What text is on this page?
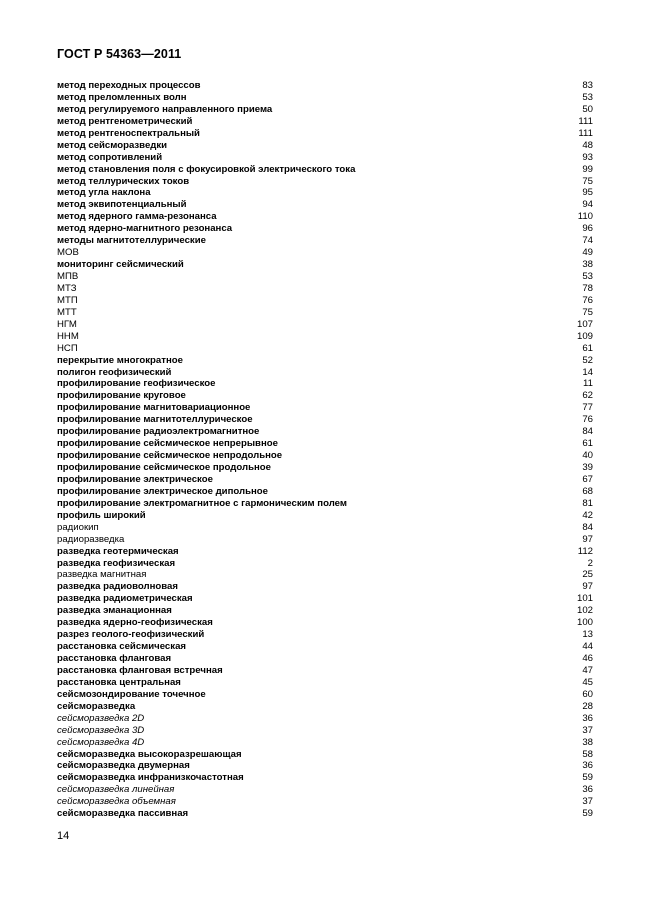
ГОСТ Р 54363—2011
метод переходных процессов	83
метод преломленных волн	53
метод регулируемого направленного приема	50
метод рентгенометрический	111
метод рентгеноспектральный	111
метод сейсморазведки	48
метод сопротивлений	93
метод становления поля с фокусировкой электрического тока	99
метод теллурических токов	75
метод угла наклона	95
метод эквипотенциальный	94
метод ядерного гамма-резонанса	110
метод ядерно-магнитного резонанса	96
методы магнитотеллурические	74
МОВ	49
мониторинг сейсмический	38
МПВ	53
МТЗ	78
МТП	76
МТТ	75
НГМ	107
ННМ	109
НСП	61
перекрытие многократное	52
полигон геофизический	14
профилирование геофизическое	11
профилирование круговое	62
профилирование магнитовариационное	77
профилирование магнитотеллурическое	76
профилирование радиоэлектромагнитное	84
профилирование сейсмическое непрерывное	61
профилирование сейсмическое непродольное	40
профилирование сейсмическое продольное	39
профилирование электрическое	67
профилирование электрическое дипольное	68
профилирование электромагнитное с гармоническим полем	81
профиль широкий	42
радиокип	84
радиоразведка	97
разведка геотермическая	112
разведка геофизическая	2
разведка магнитная	25
разведка радиоволновая	97
разведка радиометрическая	101
разведка эманационная	102
разведка ядерно-геофизическая	100
разрез геолого-геофизический	13
расстановка сейсмическая	44
расстановка фланговая	46
расстановка фланговая встречная	47
расстановка центральная	45
сейсмозондирование точечное	60
сейсморазведка	28
сейсморазведка 2D	36
сейсморазведка 3D	37
сейсморазведка 4D	38
сейсморазведка высокоразрешающая	58
сейсморазведка двумерная	36
сейсморазведка инфранизкочастотная	59
сейсморазведка линейная	36
сейсморазведка объемная	37
сейсморазведка пассивная	59
14
